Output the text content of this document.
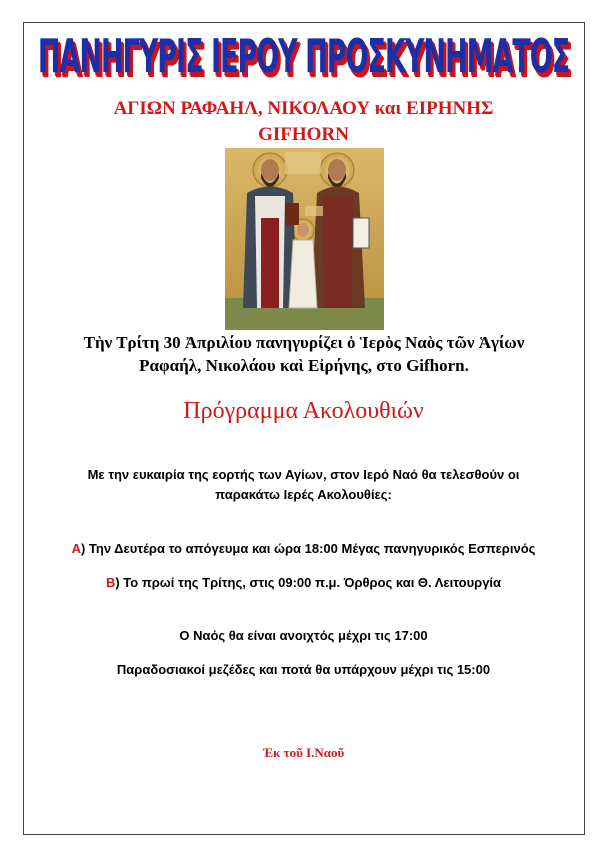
ΠΑΝΗΓΥΡΙΣ ΙΕΡΟΥ ΠΡΟΣΚΥΝΗΜΑΤΟΣ
ΑΓΙΩΝ ΡΑΦΑΗΛ, ΝΙΚΟΛΑΟΥ και ΕΙΡΗΝΗΣ
GIFHORN
Τὴν Τρίτη 30 Ἀπριλίου πανηγυρίζει ὁ Ἱερὸς Ναὸς τῶν Ἁγίων
Ραφαήλ, Νικολάου καὶ Εἰρήνης, στο Gifhorn.
Πρόγραμμα Ακολουθιών
Με την ευκαιρία της εορτής των Αγίων, στον Ιερό Ναό θα τελεσθούν οι
παρακάτω Ιερές Ακολουθίες:
Α) Την Δευτέρα το απόγευμα και ώρα 18:00 Μέγας πανηγυρικός Εσπερινός
Β) Το πρωί της Τρίτης, στις 09:00 π.μ. Όρθρος και Θ. Λειτουργία
Ο Ναός θα είναι ανοιχτός μέχρι τις 17:00
Παραδοσιακοί μεζέδες και ποτά θα υπάρχουν μέχρι τις 15:00
Ἐκ τοῦ Ι.Ναοῦ
